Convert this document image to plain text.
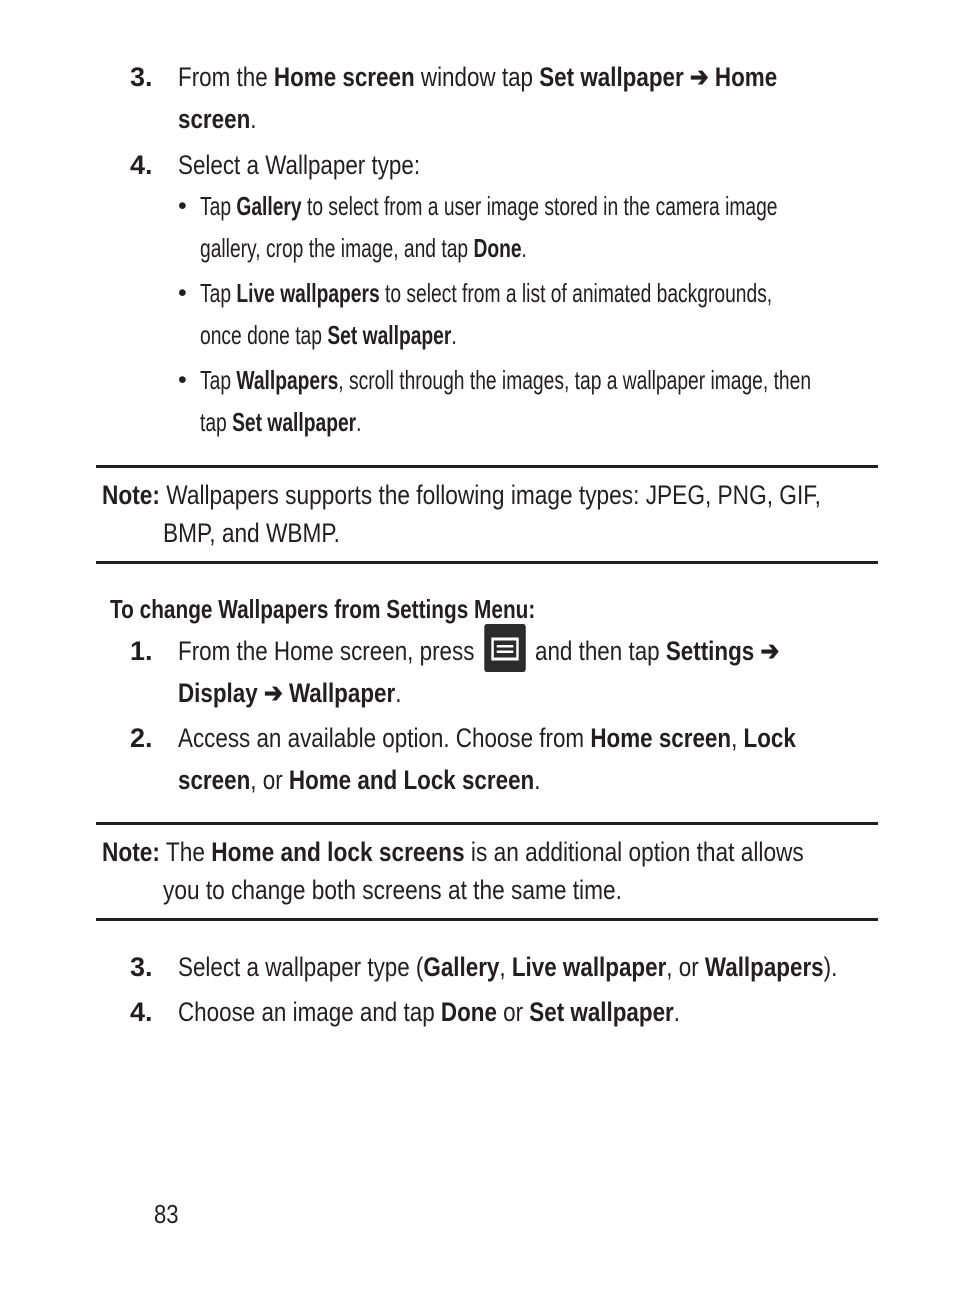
3. From the Home screen window tap Set wallpaper ➔ Home
screen.
4. Select a Wallpaper type:
• Tap Gallery to select from a user image stored in the camera image
gallery, crop the image, and tap Done.
• Tap Live wallpapers to select from a list of animated backgrounds,
once done tap Set wallpaper.
• Tap Wallpapers, scroll through the images, tap a wallpaper image, then
tap Set wallpaper.
Note: Wallpapers supports the following image types: JPEG, PNG, GIF,
BMP, and WBMP.
To change Wallpapers from Settings Menu:
1. From the Home screen, press
and then tap Settings ➔
Display ➔ Wallpaper.
2. Access an available option. Choose from Home screen, Lock
screen, or Home and Lock screen.
Note: The Home and lock screens is an additional option that allows
you to change both screens at the same time.
3. Select a wallpaper type (Gallery, Live wallpaper, or Wallpapers).
4. Choose an image and tap Done or Set wallpaper.
83
